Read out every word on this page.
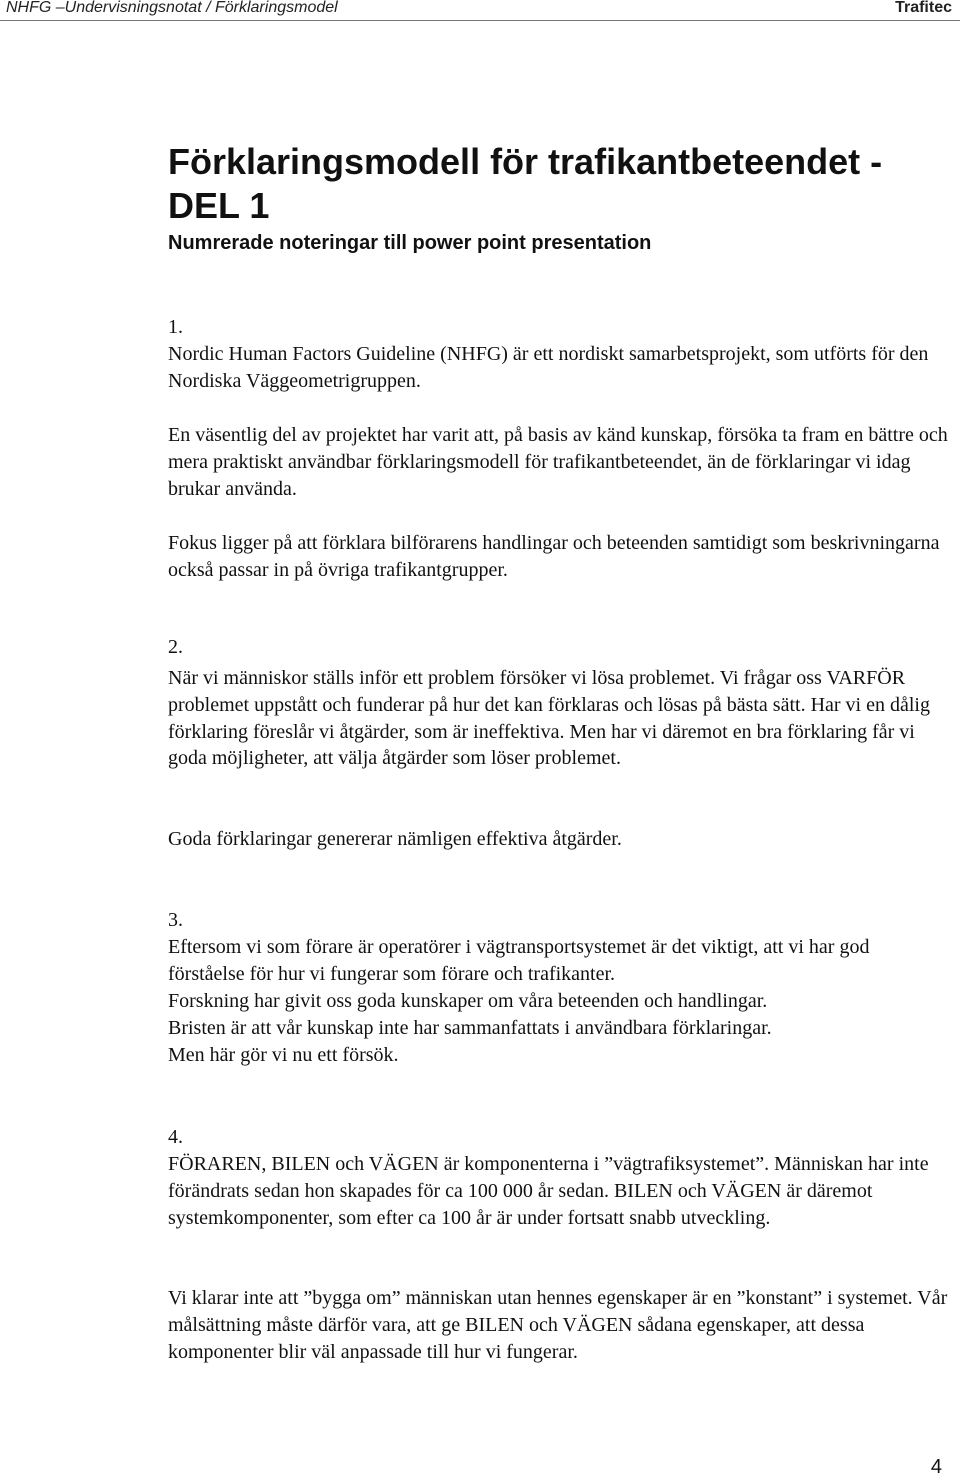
NHFG –Undervisningsnotat / Förklaringsmodel	Trafitec
Förklaringsmodell för trafikantbeteendet - DEL 1
Numrerade noteringar till power point presentation

1.

Nordic Human Factors Guideline (NHFG) är ett nordiskt samarbetsprojekt, som utförts för den Nordiska Väggeometrigruppen.

En väsentlig del av projektet har varit att, på basis av känd kunskap, försöka ta fram en bättre och mera praktiskt användbar förklaringsmodell för trafikantbeteendet, än de förklaringar vi idag brukar använda.

Fokus ligger på att förklara bilförarens handlingar och beteenden samtidigt som beskrivningarna också passar in på övriga trafikantgrupper.

2.

När vi människor ställs inför ett problem försöker vi lösa problemet. Vi frågar oss VARFÖR problemet uppstått och funderar på hur det kan förklaras och lösas på bästa sätt. Har vi en dålig förklaring föreslår vi åtgärder, som är ineffektiva. Men har vi däremot en bra förklaring får vi goda möjligheter, att välja åtgärder som löser problemet.

Goda förklaringar genererar nämligen effektiva åtgärder.

3.

Eftersom vi som förare är operatörer i vägtransportsystemet är det viktigt, att vi har god förståelse för hur vi fungerar som förare och trafikanter.

Forskning har givit oss goda kunskaper om våra beteenden och handlingar.

Bristen är att vår kunskap inte har sammanfattats i användbara förklaringar.

Men här gör vi nu ett försök.

4.

FÖRAREN, BILEN och VÄGEN är komponenterna i ”vägtrafiksystemet”. Människan har inte förändrats sedan hon skapades för ca 100 000 år sedan. BILEN och VÄGEN är däremot systemkomponenter, som efter ca 100 år är under fortsatt snabb utveckling.

Vi klarar inte att ”bygga om” människan utan hennes egenskaper är en ”konstant” i systemet. Vår målsättning måste därför vara, att ge BILEN och VÄGEN sådana egenskaper, att dessa komponenter blir väl anpassade till hur vi fungerar.

4
